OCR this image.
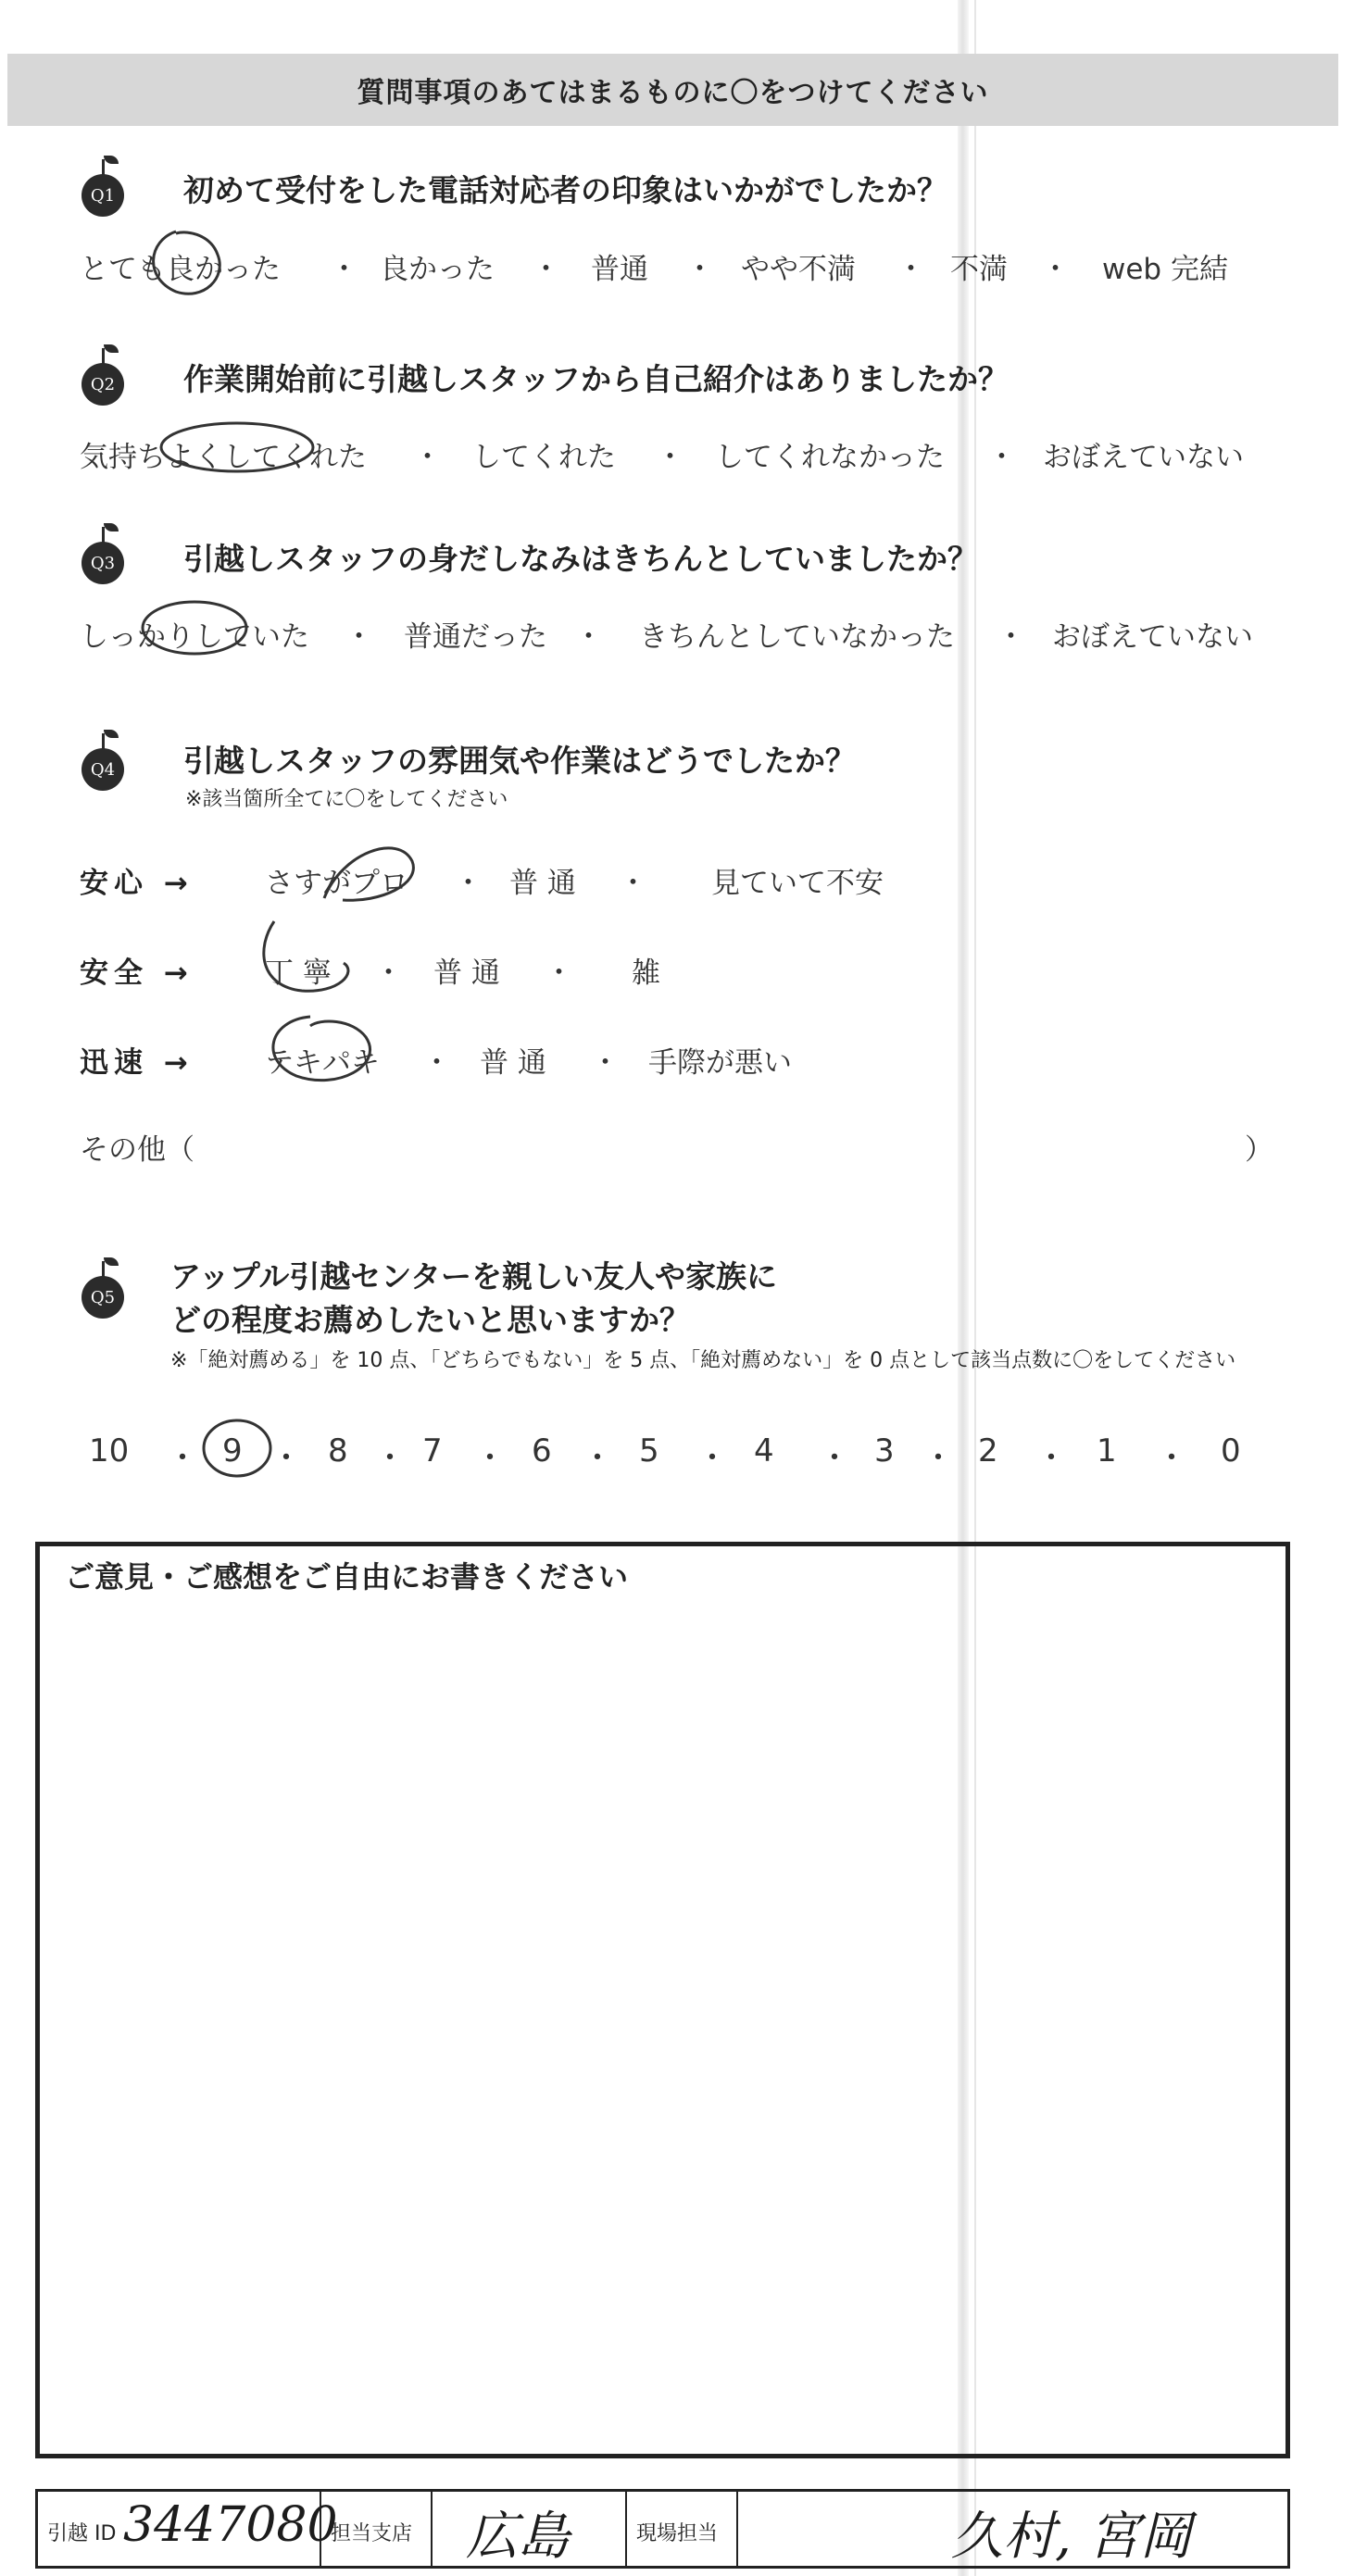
質問事項のあてはまるものに〇をつけてください
Q1 初めて受付をした電話対応者の印象はいかがでしたか？
とても良かった ・ 良かった ・ 普通 ・ やや不満 ・ 不満 ・ web 完結
Q2 作業開始前に引越しスタッフから自己紹介はありましたか？
気持ちよくしてくれた ・ してくれた ・ してくれなかった ・ おぼえていない
Q3 引越しスタッフの身だしなみはきちんとしていましたか？
しっかりしていた ・ 普通だった ・ きちんとしていなかった ・ おぼえていない
Q4 引越しスタッフの雰囲気や作業はどうでしたか？
※該当箇所全てに〇をしてください
安心 → さすがプロ ・ 普 通 ・ 見ていて不安
安全 → 丁 寧 ・ 普 通 ・ 雑
迅速 → テキパキ ・ 普 通 ・ 手際が悪い
その他（	）
Q5
アップル引越センターを親しい友人や家族に
どの程度お薦めしたいと思いますか？
※「絶対薦める」を 10 点、「どちらでもない」を 5 点、「絶対薦めない」を 0 点として該当点数に〇をしてください
10 ・ 9 ・ 8 ・ 7 ・ 6 ・ 5 ・ 4 ・ 3 ・ 2 ・ 1 ・ 0
ご意見・ご感想をご自由にお書きください
引越 ID 3447080
担当支店 広島	現場担当	久村, 宮岡
